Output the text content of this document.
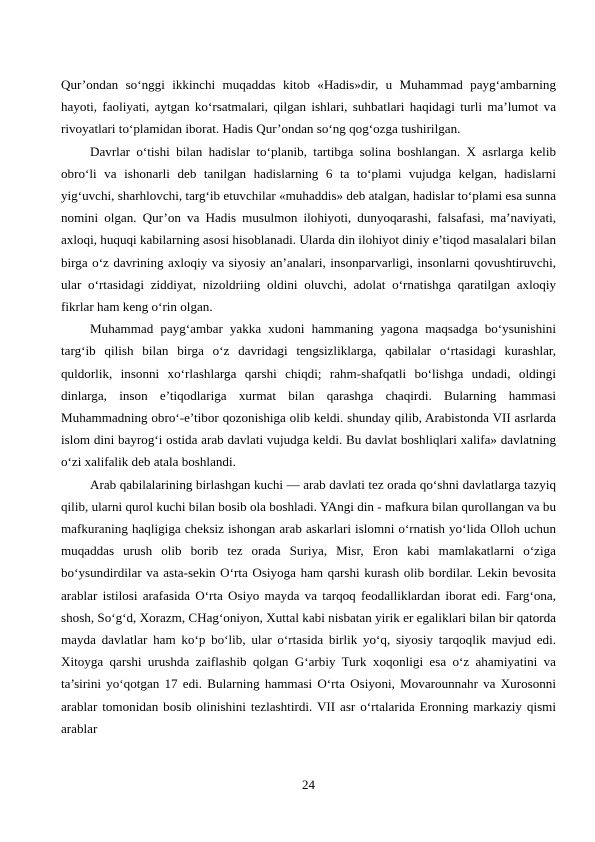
Qur’ondan so‘nggi ikkinchi muqaddas kitob «Hadis»dir, u Muhammad payg‘ambarning hayoti, faoliyati, aytgan ko‘rsatmalari, qilgan ishlari, suhbatlari haqidagi turli ma’lumot va rivoyatlari to‘plamidan iborat. Hadis Qur’ondan so‘ng qog‘ozga tushirilgan.

Davrlar o‘tishi bilan hadislar to‘planib, tartibga solina boshlangan. X asrlarga kelib obro‘li va ishonarli deb tanilgan hadislarning 6 ta to‘plami vujudga kelgan, hadislarni yig‘uvchi, sharhlovchi, targ‘ib etuvchilar «muhaddis» deb atalgan, hadislar to‘plami esa sunna nomini olgan. Qur’on va Hadis musulmon ilohiyoti, dunyoqarashi, falsafasi, ma’naviyati, axloqi, huquqi kabilarning asosi hisoblanadi. Ularda din ilohiyot diniy e’tiqod masalalari bilan birga o‘z davrining axloqiy va siyosiy an’analari, insonparvarligi, insonlarni qovushtiruvchi, ular o‘rtasidagi ziddiyat, nizoldriing oldini oluvchi, adolat o‘rnatishga qaratilgan axloqiy fikrlar ham keng o‘rin olgan.

Muhammad payg‘ambar yakka xudoni hammaning yagona maqsadga bo‘ysunishini targ‘ib qilish bilan birga o‘z davridagi tengsizliklarga, qabilalar o‘rtasidagi kurashlar, quldorlik, insonni xo‘rlashlarga qarshi chiqdi; rahm-shafqatli bo‘lishga undadi, oldingi dinlarga, inson e’tiqodlariga xurmat bilan qarashga chaqirdi. Bularning hammasi Muhammadning obro‘-e’tibor qozonishiga olib keldi. shunday qilib, Arabistonda VII asrlarda islom dini bayrog‘i ostida arab davlati vujudga keldi. Bu davlat boshliqlari xalifa» davlatning o‘zi xalifalik deb atala boshlandi.

Arab qabilalarining birlashgan kuchi — arab davlati tez orada qo‘shni davlatlarga tazyiq qilib, ularni qurol kuchi bilan bosib ola boshladi. YAngi din - mafkura bilan qurollangan va bu mafkuraning haqligiga cheksiz ishongan arab askarlari islomni o‘rnatish yo‘lida Olloh uchun muqaddas urush olib borib tez orada Suriya, Misr, Eron kabi mamlakatlarni o‘ziga bo‘ysundirdilar va asta-sekin O‘rta Osiyoga ham qarshi kurash olib bordilar. Lekin bevosita arablar istilosi arafasida O‘rta Osiyo mayda va tarqoq feodalliklardan iborat edi. Farg‘ona, shosh, So‘g‘d, Xorazm, CHag‘oniyon, Xuttal kabi nisbatan yirik er egaliklari bilan bir qatorda mayda davlatlar ham ko‘p bo‘lib, ular o‘rtasida birlik yo‘q, siyosiy tarqoqlik mavjud edi. Xitoyga qarshi urushda zaiflashib qolgan G‘arbiy Turk xoqonligi esa o‘z ahamiyatini va ta’sirini yo‘qotgan 17 edi. Bularning hammasi O‘rta Osiyoni, Movarounnahr va Xurosonni arablar tomonidan bosib olinishini tezlashtirdi. VII asr o‘rtalarida Eronning markaziy qismi arablar

24
